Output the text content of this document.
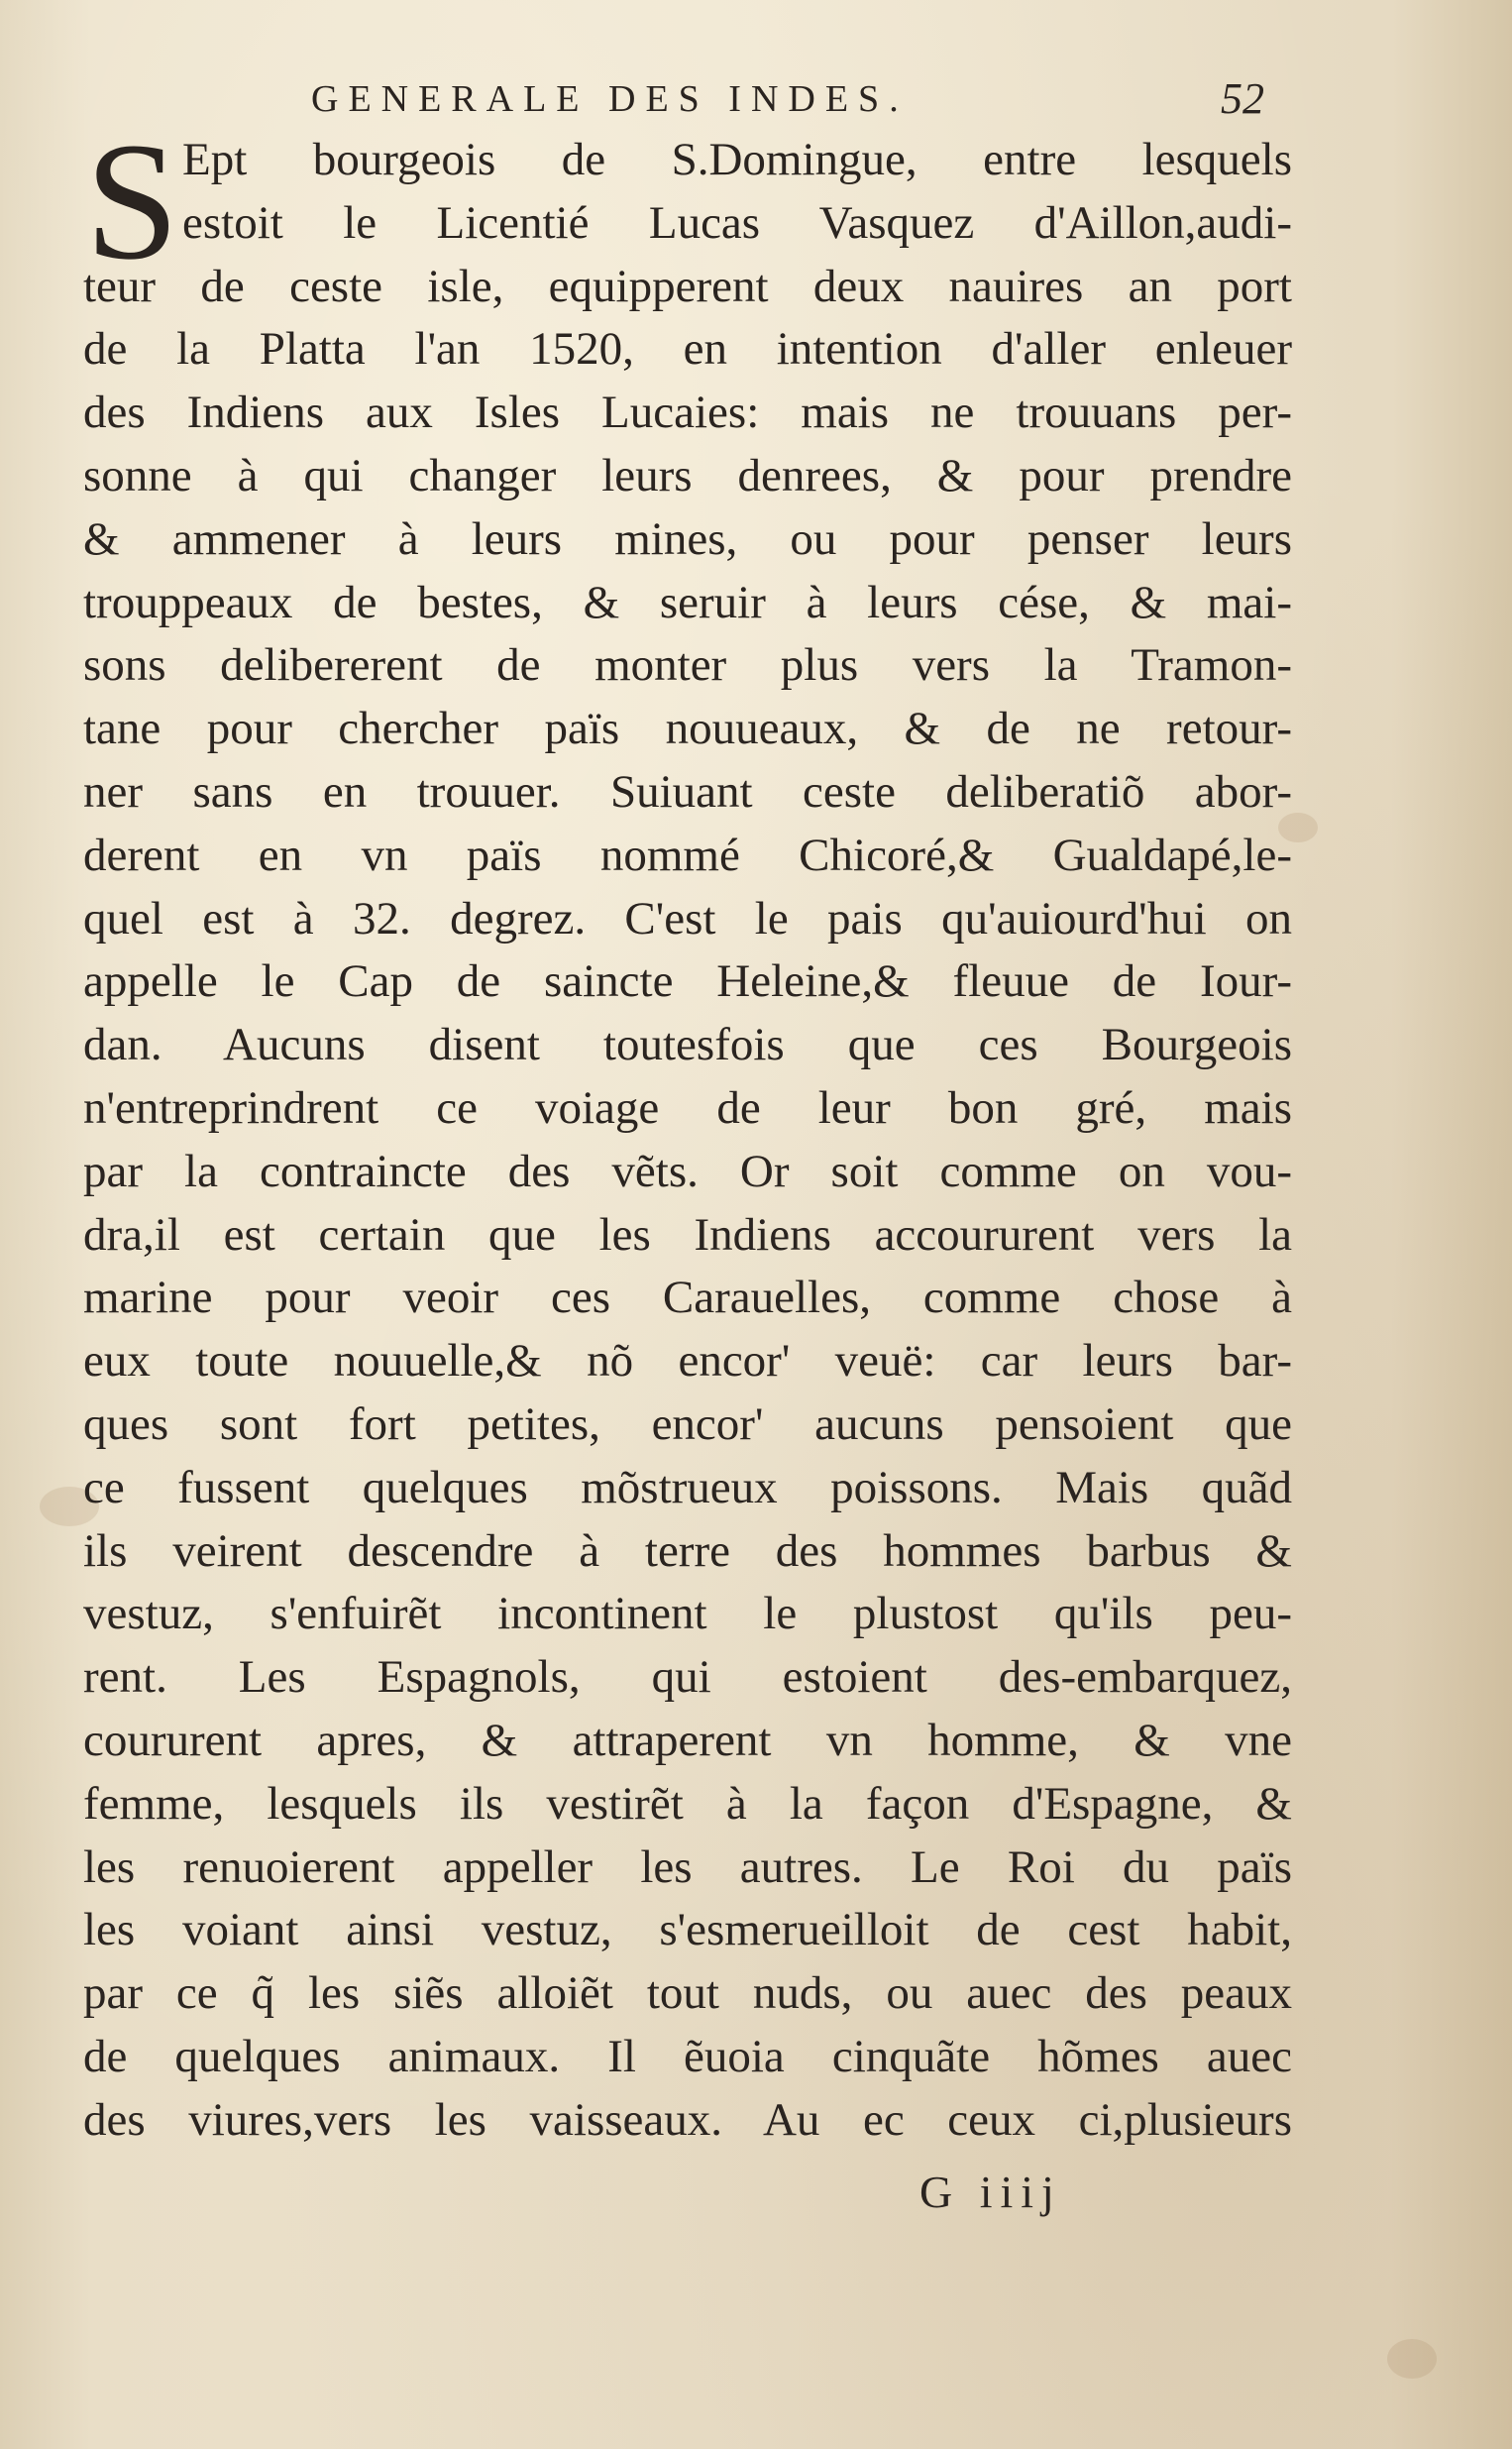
GENERALE DES INDES.	52
S Ept bourgeois de S.Domingue, entre lesquels
estoit le Licentié Lucas Vasquez d'Aillon,audi-
teur de ceste isle, equipperent deux nauires an port
de la Platta l'an 1520, en intention d'aller enleuer
des Indiens aux Isles Lucaies: mais ne trouuans per-
sonne à qui changer leurs denrees, & pour prendre
& ammener à leurs mines, ou pour penser leurs
trouppeaux de bestes, & seruir à leurs cése, & mai-
sons delibererent de monter plus vers la Tramon-
tane pour chercher païs nouueaux, & de ne retour-
ner sans en trouuer. Suiuant ceste deliberatiõ abor-
derent en vn païs nommé Chicoré,& Gualdapé,le-
quel est à 32. degrez. C'est le pais qu'auiourd'hui on
appelle le Cap de saincte Heleine,& fleuue de Iour-
dan. Aucuns disent toutesfois que ces Bourgeois
n'entreprindrent ce voiage de leur bon gré, mais
par la contraincte des vẽts. Or soit comme on vou-
dra,il est certain que les Indiens accoururent vers la
marine pour veoir ces Carauelles, comme chose à
eux toute nouuelle,& nõ encor' veuë: car leurs bar-
ques sont fort petites, encor' aucuns pensoient que
ce fussent quelques mõstrueux poissons. Mais quãd
ils veirent descendre à terre des hommes barbus &
vestuz, s'enfuirẽt incontinent le plustost qu'ils peu-
rent. Les Espagnols, qui estoient des-embarquez,
coururent apres, & attraperent vn homme, & vne
femme, lesquels ils vestirẽt à la façon d'Espagne, &
les renuoierent appeller les autres. Le Roi du païs
les voiant ainsi vestuz, s'esmerueilloit de cest habit,
par ce q̃ les siẽs alloiẽt tout nuds, ou auec des peaux
de quelques animaux. Il ẽuoia cinquãte hõmes auec
des viures,vers les vaisseaux. Au ec ceux ci,plusieurs
G iiij
